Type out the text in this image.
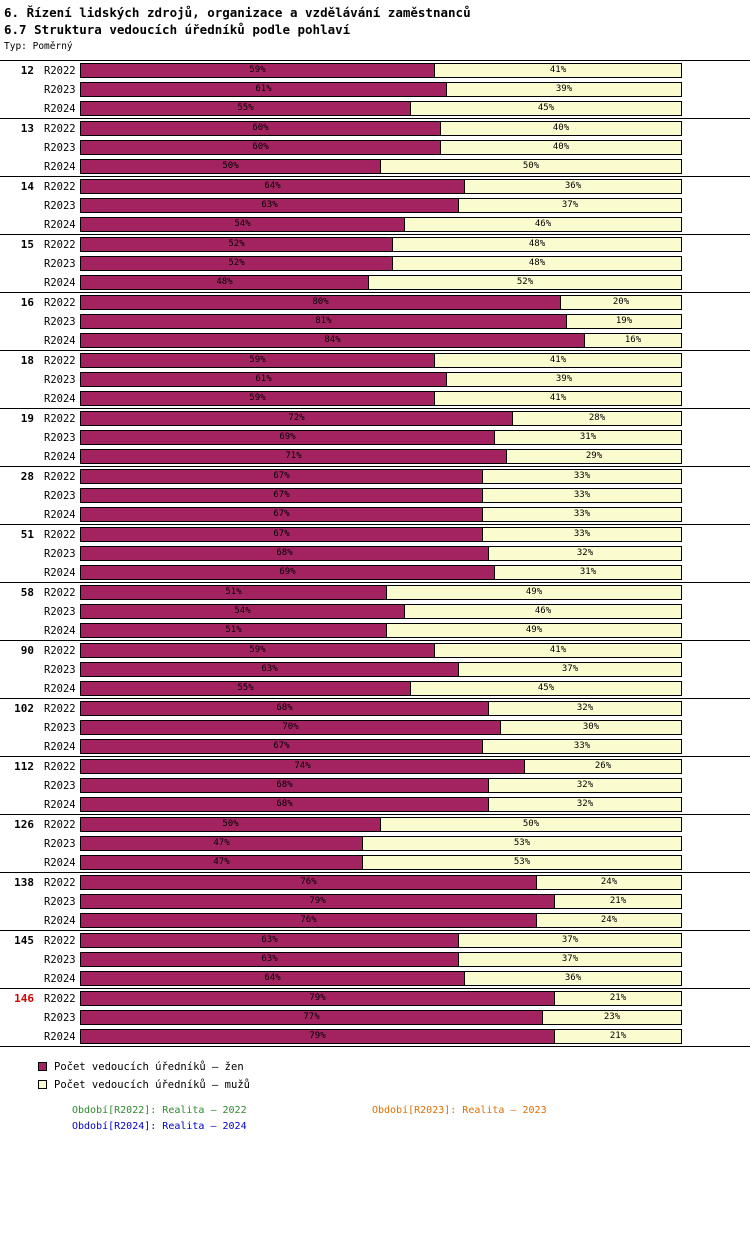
6. Řízení lidských zdrojů, organizace a vzdělávání zaměstnanců
6.7 Struktura vedoucích úředníků podle pohlaví
Typ: Poměrný
12 R2022	59%	41%
R2023	61%	39%
R2024	55%	45%
13 R2022	60%	40%
R2023	60%	40%
R2024	50%	50%
14 R2022	64%	36%
R2023	63%	37%
R2024	54%	46%
15 R2022	52%	48%
R2023	52%	48%
R2024	48%	52%
16 R2022	80%	20%
R2023	81%	19%
R2024	84%	16%
18 R2022	59%	41%
R2023	61%	39%
R2024	59%	41%
19 R2022	72%	28%
R2023	69%	31%
R2024	71%	29%
28 R2022	67%	33%
R2023	67%	33%
R2024	67%	33%
51 R2022	67%	33%
R2023	68%	32%
R2024	69%	31%
58 R2022	51%	49%
R2023	54%	46%
R2024	51%	49%
90 R2022	59%	41%
R2023	63%	37%
R2024	55%	45%
102 R2022	68%	32%
R2023	70%	30%
R2024	67%	33%
112 R2022	74%	26%
R2023	68%	32%
R2024	68%	32%
126 R2022	50%	50%
R2023	47%	53%
R2024	47%	53%
138 R2022	76%	24%
R2023	79%	21%
R2024	76%	24%
145 R2022	63%	37%
R2023	63%	37%
R2024	64%	36%
146 R2022	79%	21%
R2023	77%	23%
R2024	79%	21%
Počet vedoucích úředníků – žen
Počet vedoucích úředníků – mužů
Období[R2022]: Realita – 2022	Období[R2023]: Realita – 2023
Období[R2024]: Realita – 2024
